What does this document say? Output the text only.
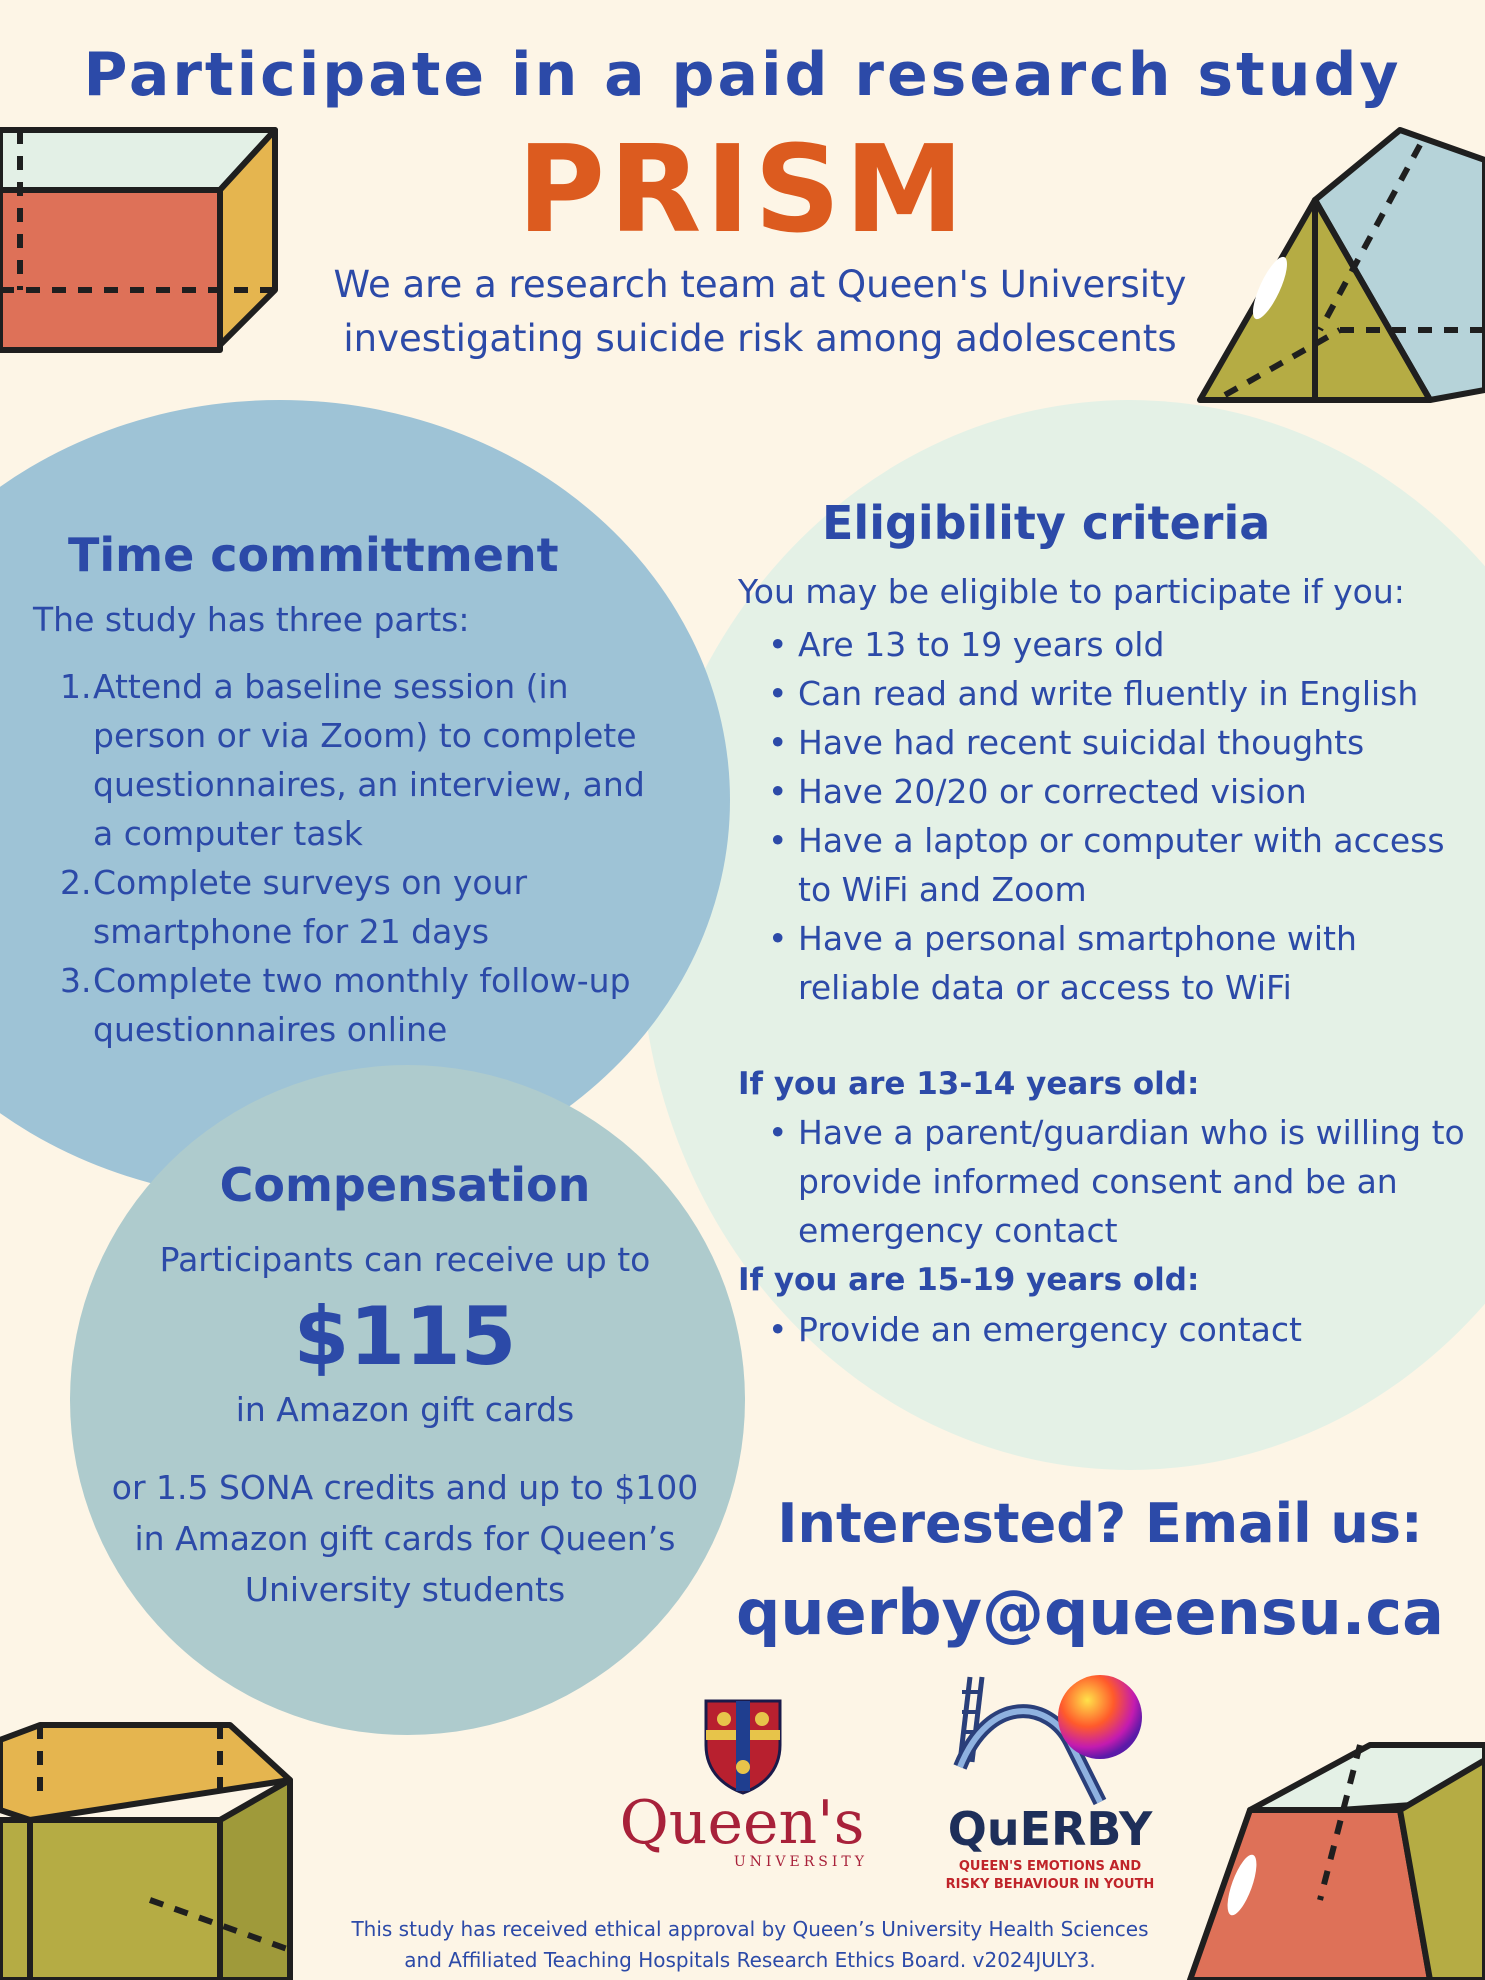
Participate in a paid research study
PRISM
We are a research team at Queen's University
investigating suicide risk among adolescents
Time committment
The study has three parts:
1. Attend a baseline session (in person or via Zoom) to complete questionnaires, an interview, and a computer task
2. Complete surveys on your smartphone for 21 days
3. Complete two monthly follow-up questionnaires online
Eligibility criteria
You may be eligible to participate if you:
• Are 13 to 19 years old
• Can read and write fluently in English
• Have had recent suicidal thoughts
• Have 20/20 or corrected vision
• Have a laptop or computer with access to WiFi and Zoom
• Have a personal smartphone with reliable data or access to WiFi
If you are 13-14 years old:
• Have a parent/guardian who is willing to provide informed consent and be an emergency contact
If you are 15-19 years old:
• Provide an emergency contact
Compensation
Participants can receive up to
$115
in Amazon gift cards
or 1.5 SONA credits and up to $100 in Amazon gift cards for Queen’s University students
Interested? Email us:
querby@queensu.ca
Queen's
UNIVERSITY
QuERBY
QUEEN'S EMOTIONS AND
RISKY BEHAVIOUR IN YOUTH
This study has received ethical approval by Queen’s University Health Sciences
and Affiliated Teaching Hospitals Research Ethics Board. v2024JULY3.
